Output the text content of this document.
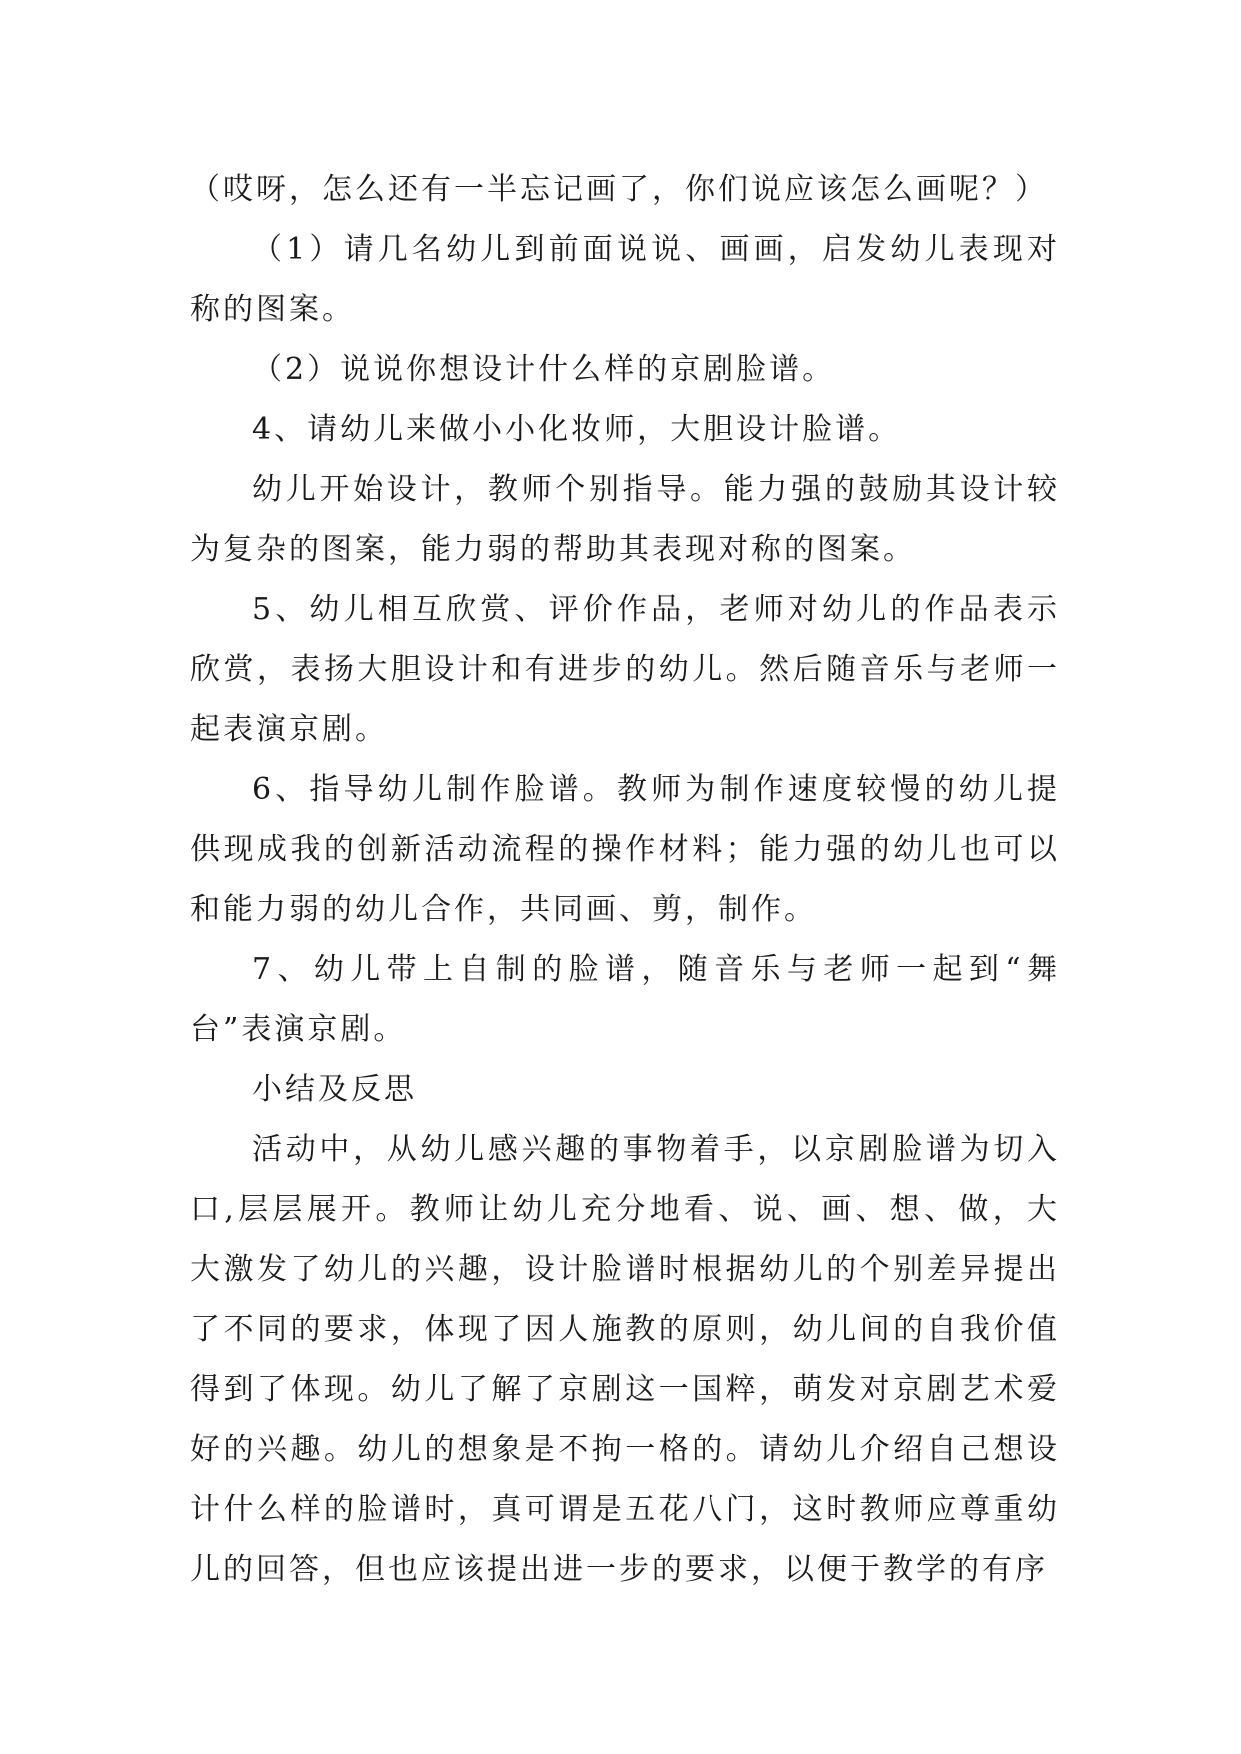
（哎呀，怎么还有一半忘记画了，你们说应该怎么画呢？）

（1）请几名幼儿到前面说说、画画，启发幼儿表现对称的图案。

（2）说说你想设计什么样的京剧脸谱。

4、请幼儿来做小小化妆师，大胆设计脸谱。

幼儿开始设计，教师个别指导。能力强的鼓励其设计较为复杂的图案，能力弱的帮助其表现对称的图案。

5、幼儿相互欣赏、评价作品，老师对幼儿的作品表示欣赏，表扬大胆设计和有进步的幼儿。然后随音乐与老师一起表演京剧。

6、指导幼儿制作脸谱。教师为制作速度较慢的幼儿提供现成我的创新活动流程的操作材料；能力强的幼儿也可以和能力弱的幼儿合作，共同画、剪，制作。

7、幼儿带上自制的脸谱，随音乐与老师一起到“舞台”表演京剧。

小结及反思

活动中，从幼儿感兴趣的事物着手，以京剧脸谱为切入口,层层展开。教师让幼儿充分地看、说、画、想、做，大大激发了幼儿的兴趣，设计脸谱时根据幼儿的个别差异提出了不同的要求，体现了因人施教的原则，幼儿间的自我价值得到了体现。幼儿了解了京剧这一国粹，萌发对京剧艺术爱好的兴趣。幼儿的想象是不拘一格的。请幼儿介绍自己想设计什么样的脸谱时，真可谓是五花八门，这时教师应尊重幼儿的回答，但也应该提出进一步的要求，以便于教学的有序
